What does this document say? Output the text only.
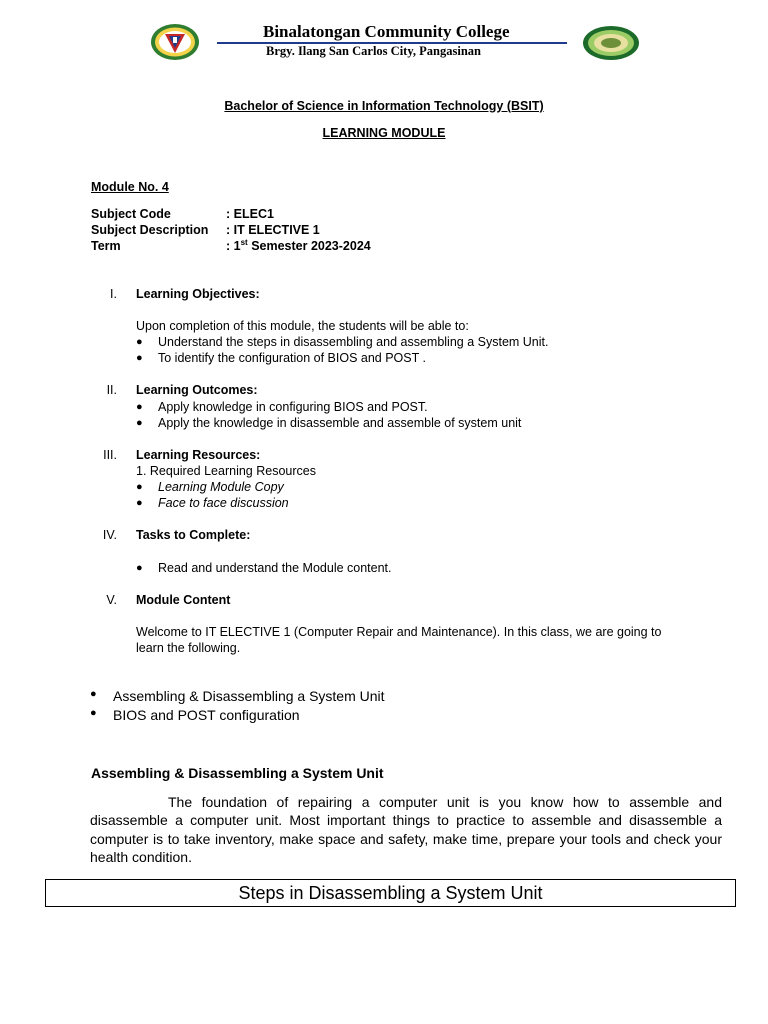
Binalatongan Community College
Brgy. Ilang San Carlos City, Pangasinan
Bachelor of Science in Information Technology (BSIT)
LEARNING MODULE
Module No. 4
Subject Code	: ELEC1
Subject Description : IT ELECTIVE 1
Term	: 1st Semester 2023-2024
I. Learning Objectives:
Upon completion of this module, the students will be able to:
● Understand the steps in disassembling and assembling a System Unit.
● To identify the configuration of BIOS and POST .
II. Learning Outcomes:
● Apply knowledge in configuring BIOS and POST.
● Apply the knowledge in disassemble and assemble of system unit
III. Learning Resources:
1. Required Learning Resources
● Learning Module Copy
● Face to face discussion
IV. Tasks to Complete:
● Read and understand the Module content.
V. Module Content
Welcome to IT ELECTIVE 1 (Computer Repair and Maintenance). In this class, we are going to
learn the following.
● Assembling & Disassembling a System Unit
● BIOS and POST configuration
Assembling & Disassembling a System Unit
The foundation of repairing a computer unit is you know how to assemble and disassemble a computer unit. Most important things to practice to assemble and disassemble a computer is to take inventory, make space and safety, make time, prepare your tools and check your health condition.
Steps in Disassembling a System Unit
